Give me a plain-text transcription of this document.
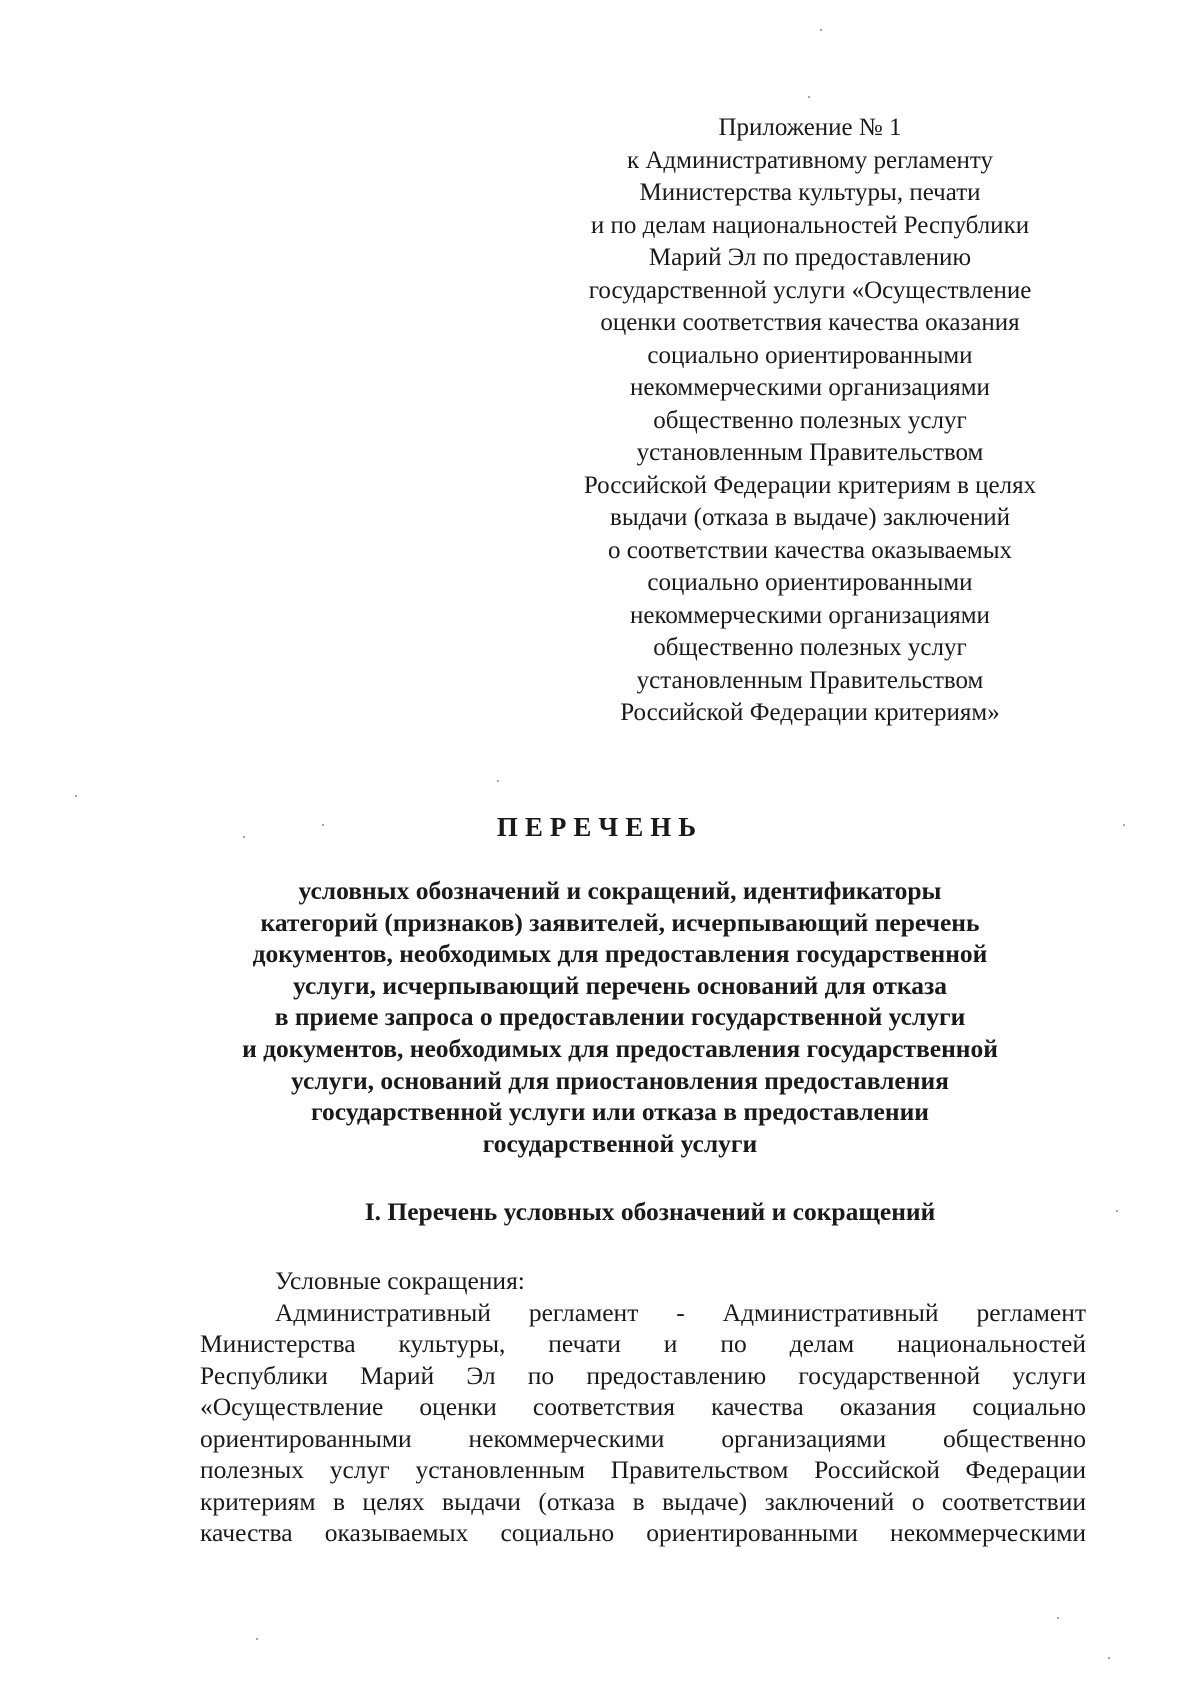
Приложение № 1
к Административному регламенту
Министерства культуры, печати
и по делам национальностей Республики
Марий Эл по предоставлению
государственной услуги «Осуществление
оценки соответствия качества оказания
социально ориентированными
некоммерческими организациями
общественно полезных услуг
установленным Правительством
Российской Федерации критериям в целях
выдачи (отказа в выдаче) заключений
о соответствии качества оказываемых
социально ориентированными
некоммерческими организациями
общественно полезных услуг
установленным Правительством
Российской Федерации критериям»
ПЕРЕЧЕНЬ
условных обозначений и сокращений, идентификаторы
категорий (признаков) заявителей, исчерпывающий перечень
документов, необходимых для предоставления государственной
услуги, исчерпывающий перечень оснований для отказа
в приеме запроса о предоставлении государственной услуги
и документов, необходимых для предоставления государственной
услуги, оснований для приостановления предоставления
государственной услуги или отказа в предоставлении
государственной услуги
I. Перечень условных обозначений и сокращений
Условные сокращения:
Административный регламент - Административный регламент
Министерства культуры, печати и по делам национальностей
Республики Марий Эл по предоставлению государственной услуги
«Осуществление оценки соответствия качества оказания социально
ориентированными некоммерческими организациями общественно
полезных услуг установленным Правительством Российской Федерации
критериям в целях выдачи (отказа в выдаче) заключений о соответствии
качества оказываемых социально ориентированными некоммерческими
